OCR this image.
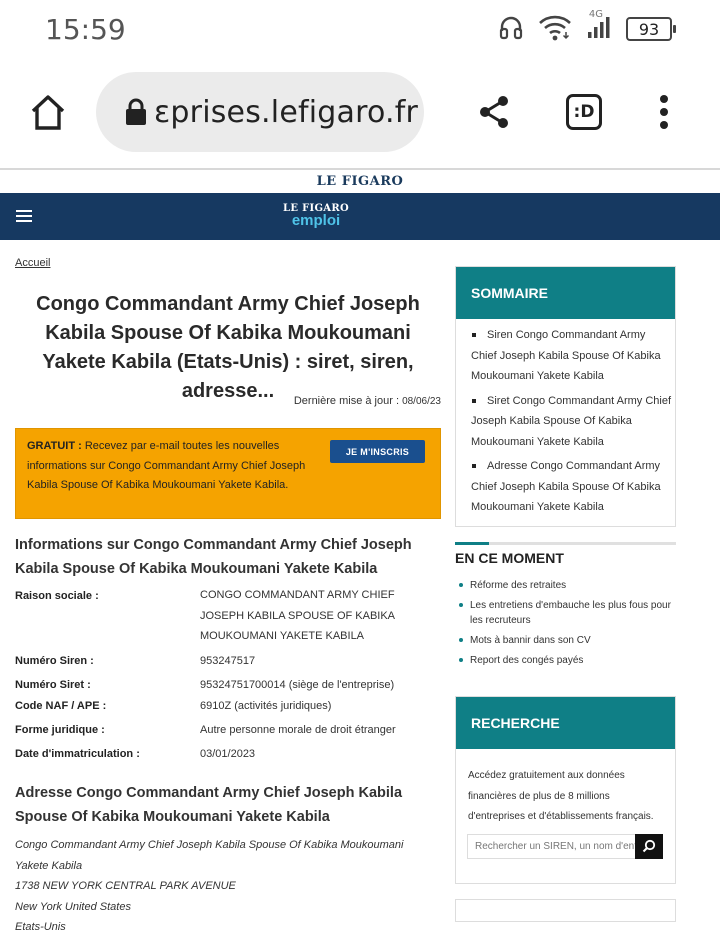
15:59	4G
93
ɛprises.lefigaro.fr	:D
LE FIGARO
LE FIGARO
emploi
Accueil
Congo Commandant Army Chief Joseph Kabila Spouse Of Kabika Moukoumani Yakete Kabila (Etats-Unis) : siret, siren, adresse...	Dernière mise à jour : 08/06/23
GRATUIT : Recevez par e-mail toutes les nouvelles informations sur Congo Commandant Army Chief Joseph Kabila Spouse Of Kabika Moukoumani Yakete Kabila.
JE M'INSCRIS
Informations sur Congo Commandant Army Chief Joseph Kabila Spouse Of Kabika Moukoumani Yakete Kabila
Raison sociale :	CONGO COMMANDANT ARMY CHIEF JOSEPH KABILA SPOUSE OF KABIKA MOUKOUMANI YAKETE KABILA
Numéro Siren :	953247517
Numéro Siret :	95324751700014 (siège de l'entreprise)
Code NAF / APE :	6910Z (activités juridiques)
Forme juridique :	Autre personne morale de droit étranger
Date d'immatriculation :	03/01/2023
Adresse Congo Commandant Army Chief Joseph Kabila Spouse Of Kabika Moukoumani Yakete Kabila
Congo Commandant Army Chief Joseph Kabila Spouse Of Kabika Moukoumani
Yakete Kabila
1738 NEW YORK CENTRAL PARK AVENUE
New York United States
Etats-Unis
SOMMAIRE
Siren Congo Commandant Army Chief Joseph Kabila Spouse Of Kabika Moukoumani Yakete Kabila
Siret Congo Commandant Army Chief Joseph Kabila Spouse Of Kabika Moukoumani Yakete Kabila
Adresse Congo Commandant Army Chief Joseph Kabila Spouse Of Kabika Moukoumani Yakete Kabila
EN CE MOMENT
Réforme des retraites
Les entretiens d'embauche les plus fous pour les recruteurs
Mots à bannir dans son CV
Report des congés payés
RECHERCHE
Accédez gratuitement aux données financières de plus de 8 millions d'entreprises et d'établissements français.
Rechercher un SIREN, un nom d'entreprise...
